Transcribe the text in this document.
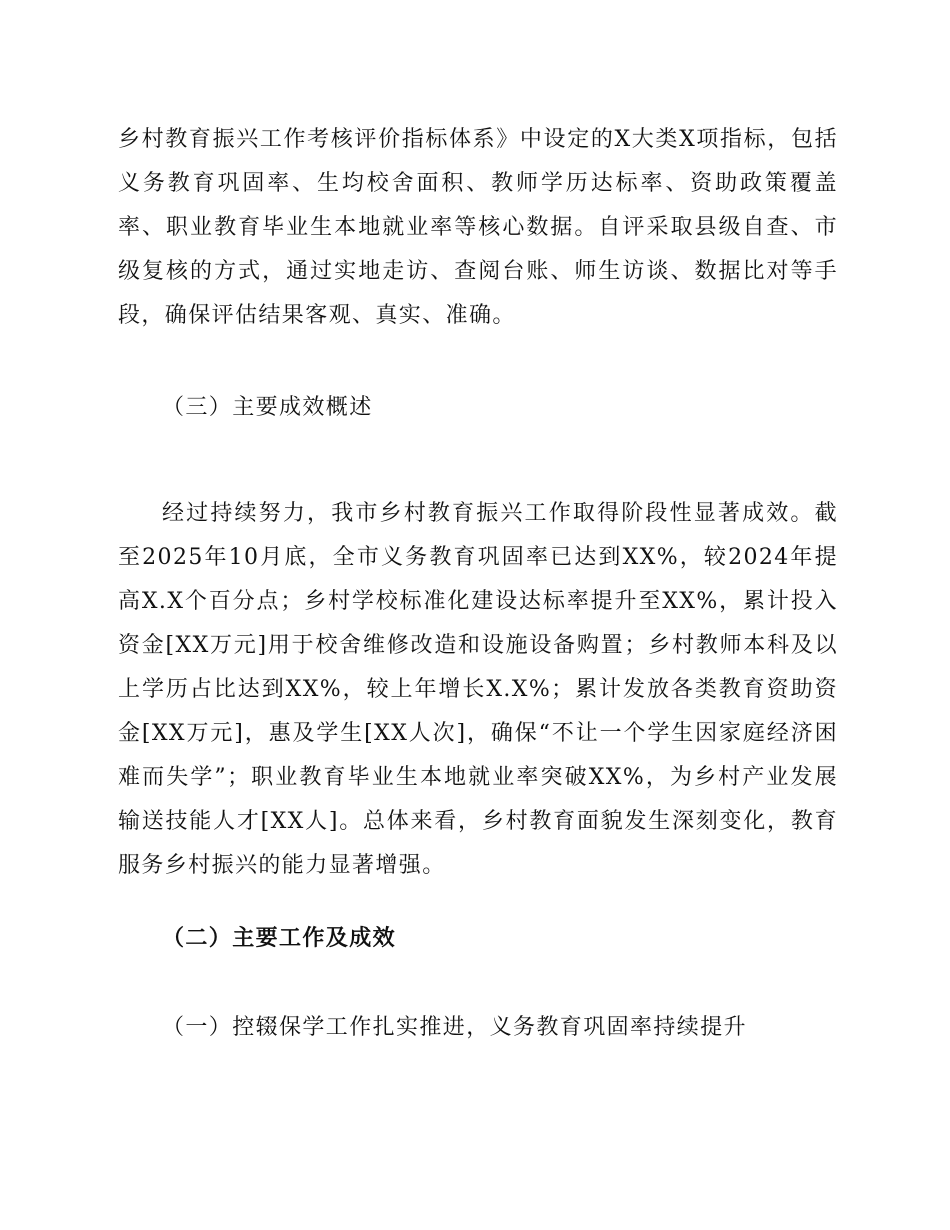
乡村教育振兴工作考核评价指标体系》中设定的X大类X项指标，包括义务教育巩固率、生均校舍面积、教师学历达标率、资助政策覆盖率、职业教育毕业生本地就业率等核心数据。自评采取县级自查、市级复核的方式，通过实地走访、查阅台账、师生访谈、数据比对等手段，确保评估结果客观、真实、准确。

（三）主要成效概述

经过持续努力，我市乡村教育振兴工作取得阶段性显著成效。截至2025年10月底，全市义务教育巩固率已达到XX%，较2024年提高X.X个百分点；乡村学校标准化建设达标率提升至XX%，累计投入资金[XX万元]用于校舍维修改造和设施设备购置；乡村教师本科及以上学历占比达到XX%，较上年增长X.X%；累计发放各类教育资助资金[XX万元]，惠及学生[XX人次]，确保“不让一个学生因家庭经济困难而失学”；职业教育毕业生本地就业率突破XX%，为乡村产业发展输送技能人才[XX人]。总体来看，乡村教育面貌发生深刻变化，教育服务乡村振兴的能力显著增强。

（二）主要工作及成效
（一）控辍保学工作扎实推进，义务教育巩固率持续提升
